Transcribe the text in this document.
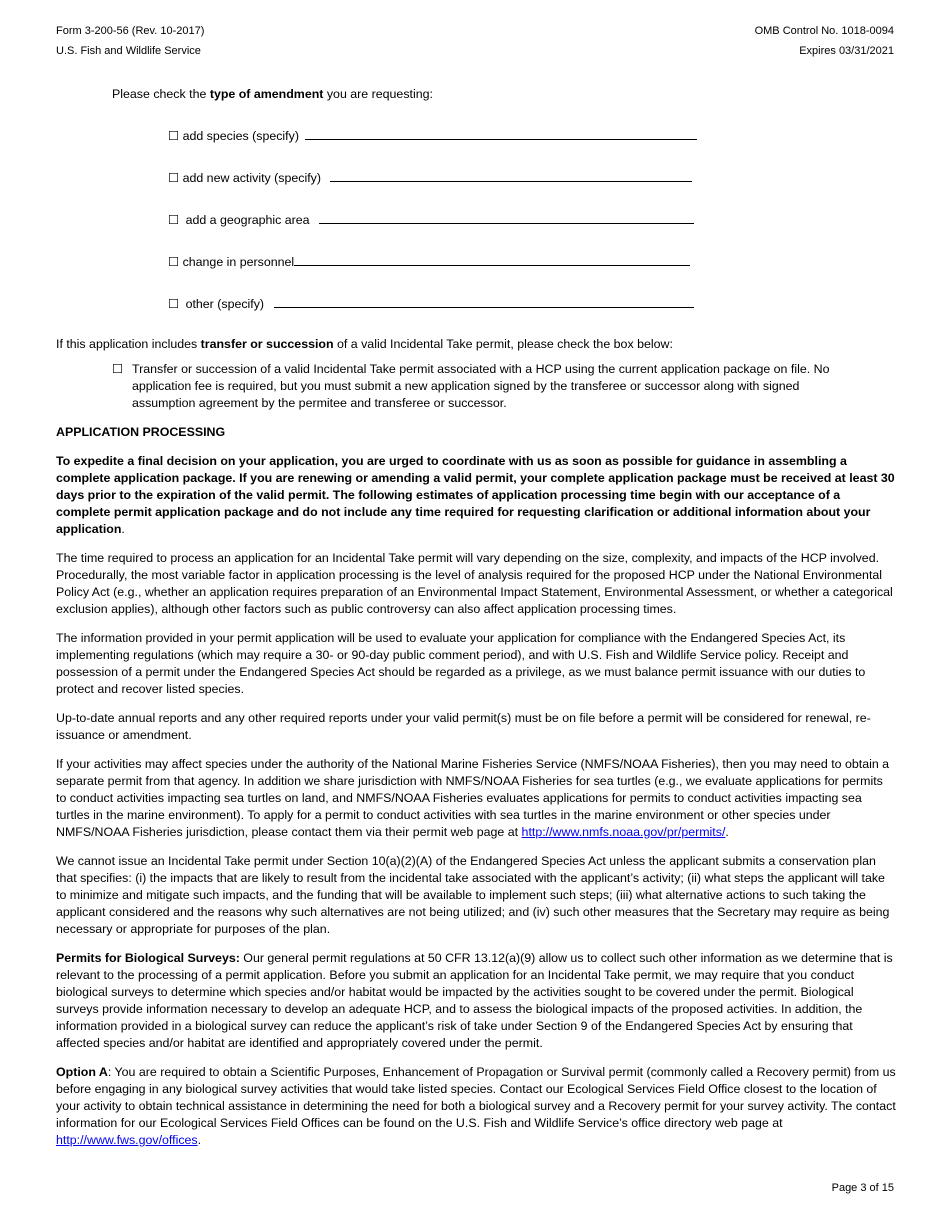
Form 3-200-56 (Rev. 10-2017)
U.S. Fish and Wildlife Service
OMB Control No. 1018-0094
Expires 03/31/2021
Please check the type of amendment you are requesting:
☐ add species (specify)
☐ add new activity (specify)
☐ add a geographic area
☐ change in personnel
☐ other (specify)
If this application includes transfer or succession of a valid Incidental Take permit, please check the box below:
☐ Transfer or succession of a valid Incidental Take permit associated with a HCP using the current application package on file. No application fee is required, but you must submit a new application signed by the transferee or successor along with signed assumption agreement by the permitee and transferee or successor.
APPLICATION PROCESSING

To expedite a final decision on your application, you are urged to coordinate with us as soon as possible for guidance in assembling a complete application package. If you are renewing or amending a valid permit, your complete application package must be received at least 30 days prior to the expiration of the valid permit. The following estimates of application processing time begin with our acceptance of a complete permit application package and do not include any time required for requesting clarification or additional information about your application.

The time required to process an application for an Incidental Take permit will vary depending on the size, complexity, and impacts of the HCP involved. Procedurally, the most variable factor in application processing is the level of analysis required for the proposed HCP under the National Environmental Policy Act (e.g., whether an application requires preparation of an Environmental Impact Statement, Environmental Assessment, or whether a categorical exclusion applies), although other factors such as public controversy can also affect application processing times.

The information provided in your permit application will be used to evaluate your application for compliance with the Endangered Species Act, its implementing regulations (which may require a 30- or 90-day public comment period), and with U.S. Fish and Wildlife Service policy. Receipt and possession of a permit under the Endangered Species Act should be regarded as a privilege, as we must balance permit issuance with our duties to protect and recover listed species.

Up-to-date annual reports and any other required reports under your valid permit(s) must be on file before a permit will be considered for renewal, re-issuance or amendment.

If your activities may affect species under the authority of the National Marine Fisheries Service (NMFS/NOAA Fisheries), then you may need to obtain a separate permit from that agency. In addition we share jurisdiction with NMFS/NOAA Fisheries for sea turtles (e.g., we evaluate applications for permits to conduct activities impacting sea turtles on land, and NMFS/NOAA Fisheries evaluates applications for permits to conduct activities impacting sea turtles in the marine environment). To apply for a permit to conduct activities with sea turtles in the marine environment or other species under NMFS/NOAA Fisheries jurisdiction, please contact them via their permit web page at http://www.nmfs.noaa.gov/pr/permits/.

We cannot issue an Incidental Take permit under Section 10(a)(2)(A) of the Endangered Species Act unless the applicant submits a conservation plan that specifies: (i) the impacts that are likely to result from the incidental take associated with the applicant’s activity; (ii) what steps the applicant will take to minimize and mitigate such impacts, and the funding that will be available to implement such steps; (iii) what alternative actions to such taking the applicant considered and the reasons why such alternatives are not being utilized; and (iv) such other measures that the Secretary may require as being necessary or appropriate for purposes of the plan.

Permits for Biological Surveys: Our general permit regulations at 50 CFR 13.12(a)(9) allow us to collect such other information as we determine that is relevant to the processing of a permit application. Before you submit an application for an Incidental Take permit, we may require that you conduct biological surveys to determine which species and/or habitat would be impacted by the activities sought to be covered under the permit. Biological surveys provide information necessary to develop an adequate HCP, and to assess the biological impacts of the proposed activities. In addition, the information provided in a biological survey can reduce the applicant’s risk of take under Section 9 of the Endangered Species Act by ensuring that affected species and/or habitat are identified and appropriately covered under the permit.

Option A: You are required to obtain a Scientific Purposes, Enhancement of Propagation or Survival permit (commonly called a Recovery permit) from us before engaging in any biological survey activities that would take listed species. Contact our Ecological Services Field Office closest to the location of your activity to obtain technical assistance in determining the need for both a biological survey and a Recovery permit for your survey activity. The contact information for our Ecological Services Field Offices can be found on the U.S. Fish and Wildlife Service’s office directory web page at http://www.fws.gov/offices.

Page 3 of 15
